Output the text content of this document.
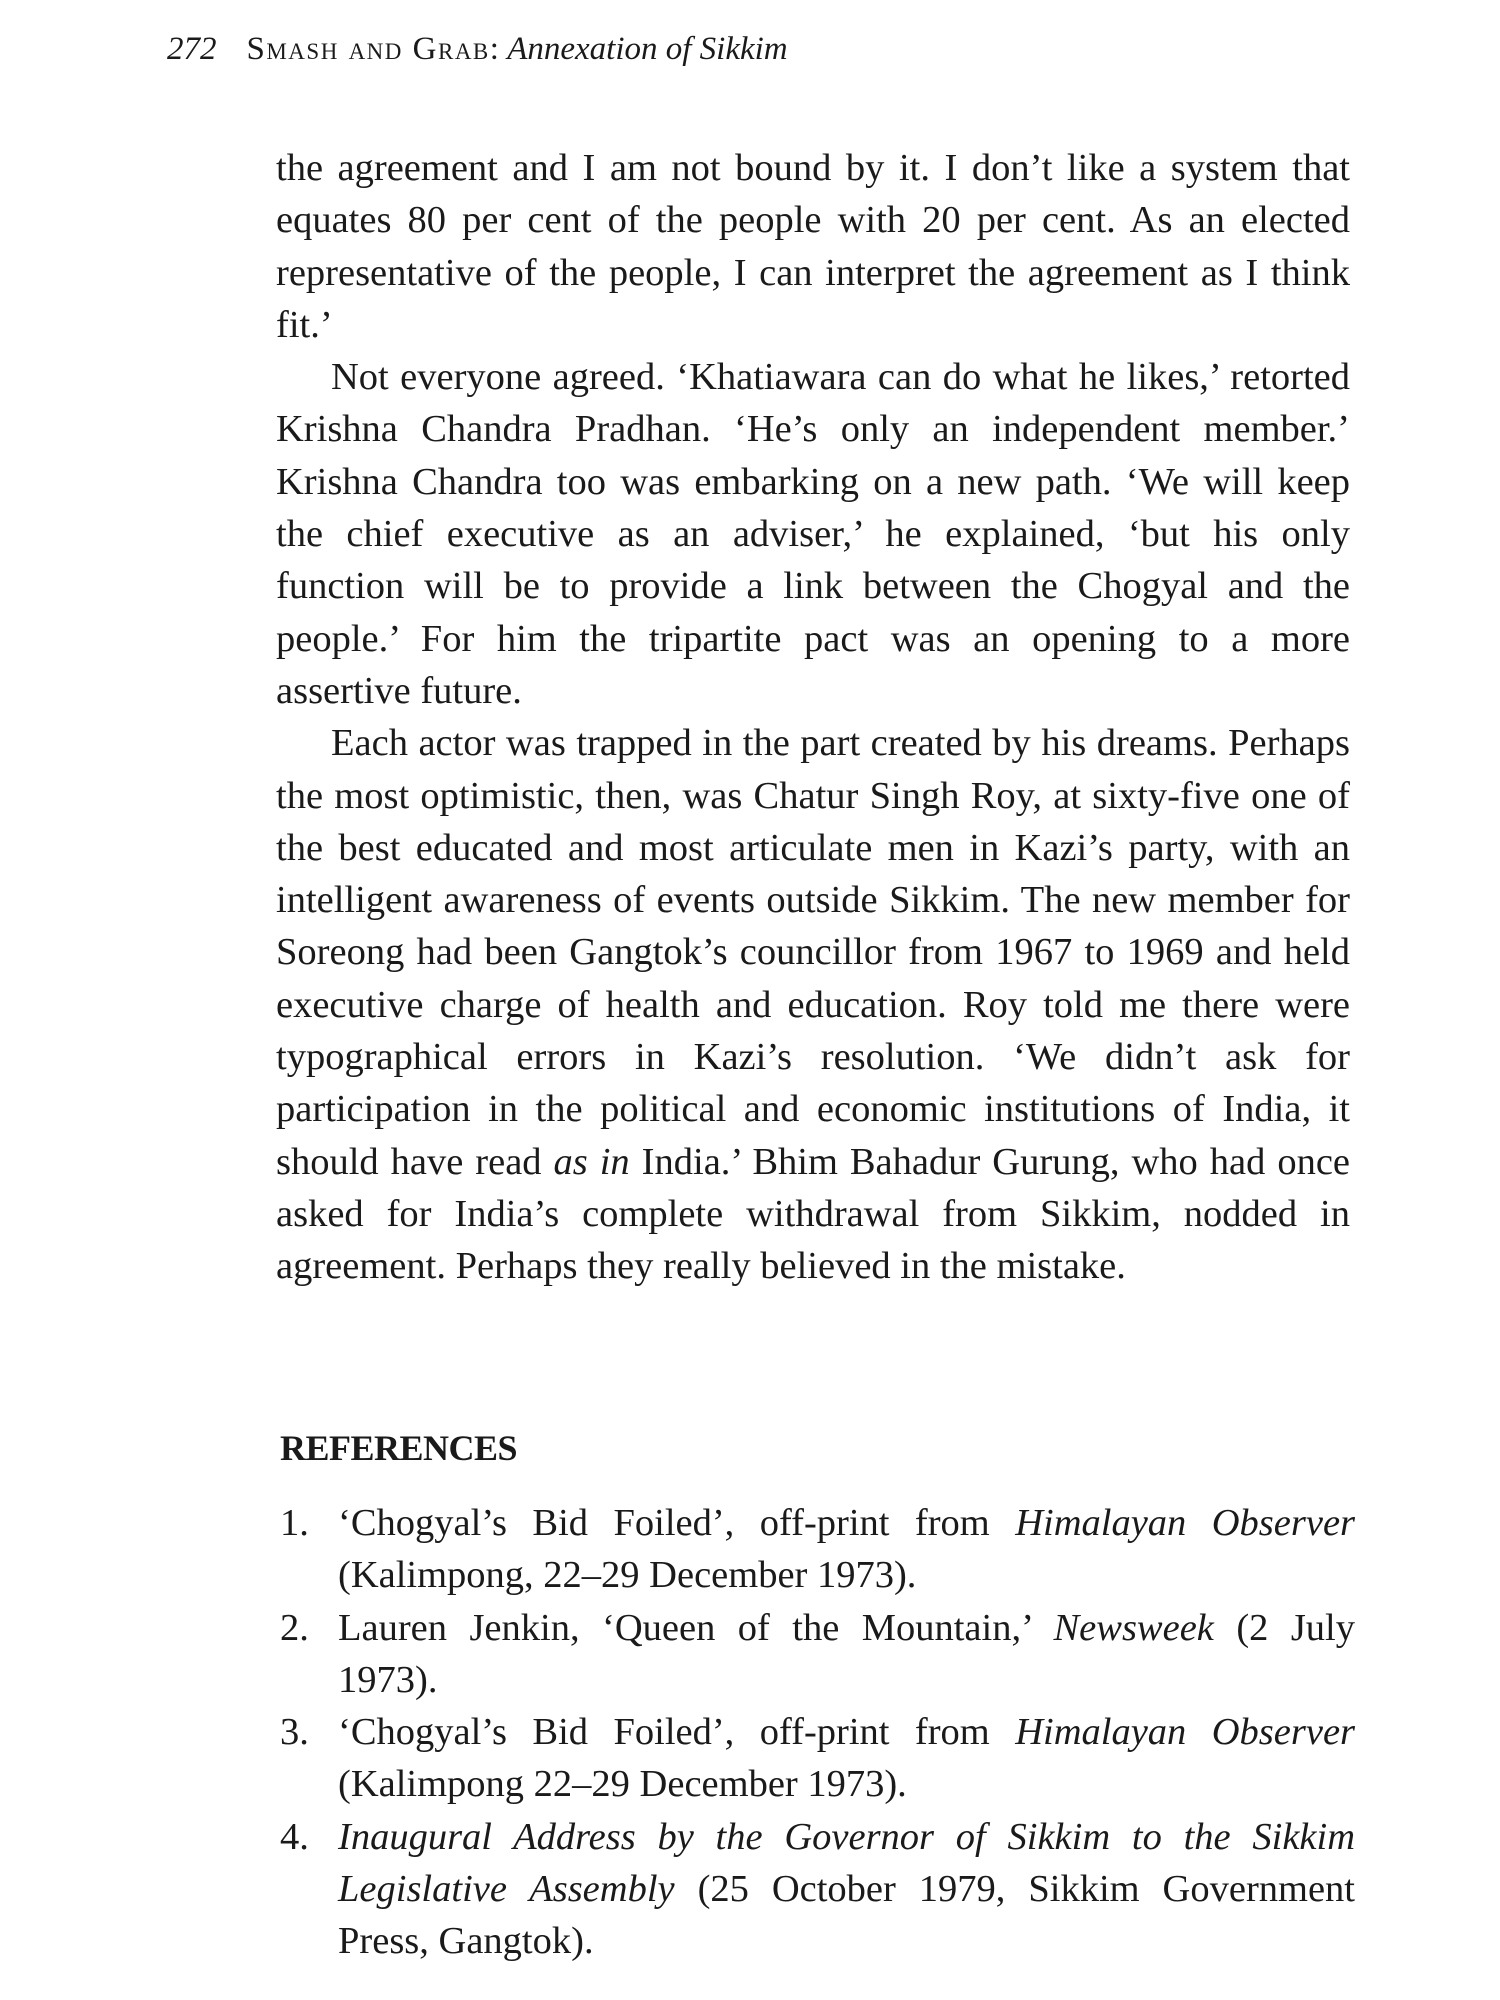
272 Smash and Grab: Annexation of Sikkim

the agreement and I am not bound by it. I don’t like a system that equates 80 per cent of the people with 20 per cent. As an elected representative of the people, I can interpret the agreement as I think fit.’

Not everyone agreed. ‘Khatiawara can do what he likes,’ retorted Krishna Chandra Pradhan. ‘He’s only an independent member.’ Krishna Chandra too was embarking on a new path. ‘We will keep the chief executive as an adviser,’ he explained, ‘but his only function will be to provide a link between the Chogyal and the people.’ For him the tripartite pact was an opening to a more assertive future.

Each actor was trapped in the part created by his dreams. Perhaps the most optimistic, then, was Chatur Singh Roy, at sixty-five one of the best educated and most articulate men in Kazi’s party, with an intelligent awareness of events outside Sikkim. The new member for Soreong had been Gangtok’s councillor from 1967 to 1969 and held executive charge of health and education. Roy told me there were typographical errors in Kazi’s resolution. ‘We didn’t ask for participation in the political and economic institutions of India, it should have read as in India.’ Bhim Bahadur Gurung, who had once asked for India’s complete withdrawal from Sikkim, nodded in agreement. Perhaps they really believed in the mistake.

REFERENCES
1. ‘Chogyal’s Bid Foiled’, off-print from Himalayan Observer (Kalimpong, 22–29 December 1973).
2. Lauren Jenkin, ‘Queen of the Mountain,’ Newsweek (2 July 1973).
3. ‘Chogyal’s Bid Foiled’, off-print from Himalayan Observer (Kalimpong 22–29 December 1973).
4. Inaugural Address by the Governor of Sikkim to the Sikkim Legislative Assembly (25 October 1979, Sikkim Government Press, Gangtok).
